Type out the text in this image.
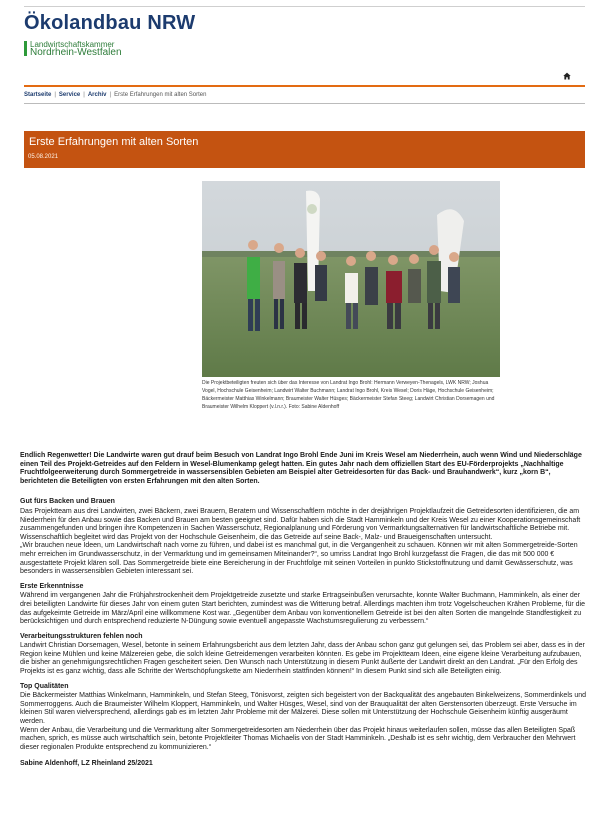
Ökolandbau NRW
Landwirtschaftskammer
Nordrhein-Westfalen
Startseite | Service | Archiv | Erste Erfahrungen mit alten Sorten
Erste Erfahrungen mit alten Sorten
05.08.2021
Die Projektbeteiligten freuten sich über das Interesse von Landrat Ingo Brohl: Hermann Verweyen-Thenagels, LWK NRW; Joshua Vogel, Hochschule Geisenheim; Landwirt Walter Buchmann; Landrat Ingo Brohl, Kreis Wesel; Doris Häge, Hochschule Geisenheim; Bäckermeister Matthias Winkelmann; Braumeister Walter Hüsges; Bäckermeister Stefan Steeg; Landwirt Christian Dorsemagen und Braumeister Wilhelm Kloppert (v.l.n.r.). Foto: Sabine Aldenhoff

Endlich Regenwetter! Die Landwirte waren gut drauf beim Besuch von Landrat Ingo Brohl Ende Juni im Kreis Wesel am Niederrhein, auch wenn Wind und Niederschläge einen Teil des Projekt-Getreides auf den Feldern in Wesel-Blumenkamp gelegt hatten. Ein gutes Jahr nach dem offiziellen Start des EU-Förderprojekts „Nachhaltige Fruchtfolgeerweiterung durch Sommergetreide in wassersensiblen Gebieten am Beispiel alter Getreidesorten für das Back- und Brauhandwerk“, kurz „korn B“, berichteten die Beteiligten von ersten Erfahrungen mit den alten Sorten.

Gut fürs Backen und Brauen

Das Projektteam aus drei Landwirten, zwei Bäckern, zwei Brauern, Beratern und Wissenschaftlern möchte in der dreijährigen Projektlaufzeit die Getreidesorten identifizieren, die am Niederrhein für den Anbau sowie das Backen und Brauen am besten geeignet sind. Dafür haben sich die Stadt Hamminkeln und der Kreis Wesel zu einer Kooperationsgemeinschaft zusammengefunden und bringen ihre Kompetenzen in Sachen Wasserschutz, Regionalplanung und Förderung von Vermarktungsalternativen für landwirtschaftliche Betriebe mit. Wissenschaftlich begleitet wird das Projekt von der Hochschule Geisenheim, die das Getreide auf seine Back-, Malz- und Braueigenschaften untersucht.

„Wir brauchen neue Ideen, um Landwirtschaft nach vorne zu führen, und dabei ist es manchmal gut, in die Vergangenheit zu schauen. Können wir mit alten Sommergetreide-Sorten mehr erreichen im Grundwasserschutz, in der Vermarktung und im gemeinsamen Miteinander?“, so umriss Landrat Ingo Brohl kurzgefasst die Fragen, die das mit 500 000 € ausgestattete Projekt klären soll. Das Sommergetreide biete eine Bereicherung in der Fruchtfolge mit seinen Vorteilen in punkto Stickstoffnutzung und damit Gewässerschutz, was besonders in wassersensiblen Gebieten interessant sei.

Erste Erkenntnisse

Während im vergangenen Jahr die Frühjahrstrockenheit dem Projektgetreide zusetzte und starke Ertragseinbußen verursachte, konnte Walter Buchmann, Hamminkeln, als einer der drei beteiligten Landwirte für dieses Jahr von einem guten Start berichten, zumindest was die Witterung betraf. Allerdings machten ihm trotz Vogelscheuchen Krähen Probleme, für die das aufgekeimte Getreide im März/April eine willkommene Kost war. „Gegenüber dem Anbau von konventionellem Getreide ist bei den alten Sorten die mangelnde Standfestigkeit zu berücksichtigen und durch entsprechend reduzierte N-Düngung sowie eventuell angepasste Wachstumsregulierung zu verbessern.“

Verarbeitungsstrukturen fehlen noch

Landwirt Christian Dorsemagen, Wesel, betonte in seinem Erfahrungsbericht aus dem letzten Jahr, dass der Anbau schon ganz gut gelungen sei, das Problem sei aber, dass es in der Region keine Mühlen und keine Mälzereien gebe, die solch kleine Getreidemengen verarbeiten könnten. Es gebe im Projektteam Ideen, eine eigene kleine Verarbeitung aufzubauen, die bisher an genehmigungsrechtlichen Fragen gescheitert seien. Den Wunsch nach Unterstützung in diesem Punkt äußerte der Landwirt direkt an den Landrat. „Für den Erfolg des Projekts ist es ganz wichtig, dass alle Schritte der Wertschöpfungskette am Niederrhein stattfinden können!“ In diesem Punkt sind sich alle Beteiligten einig.

Top Qualitäten

Die Bäckermeister Matthias Winkelmann, Hamminkeln, und Stefan Steeg, Tönisvorst, zeigten sich begeistert von der Backqualität des angebauten Binkelweizens, Sommerdinkels und Sommerroggens. Auch die Braumeister Wilhelm Kloppert, Hamminkeln, und Walter Hüsges, Wesel, sind von der Brauqualität der alten Gerstensorten überzeugt. Erste Versuche im kleinen Stil waren vielversprechend, allerdings gab es im letzten Jahr Probleme mit der Mälzerei. Diese sollen mit Unterstützung der Hochschule Geisenheim künftig ausgeräumt werden.

Wenn der Anbau, die Verarbeitung und die Vermarktung alter Sommergetreidesorten am Niederrhein über das Projekt hinaus weiterlaufen sollen, müsse das allen Beteiligten Spaß machen, sprich, es müsse auch wirtschaftlich sein, betonte Projektleiter Thomas Michaelis von der Stadt Hamminkeln. „Deshalb ist es sehr wichtig, dem Verbraucher den Mehrwert dieser regionalen Produkte entsprechend zu kommunizieren.“

Sabine Aldenhoff, LZ Rheinland 25/2021
